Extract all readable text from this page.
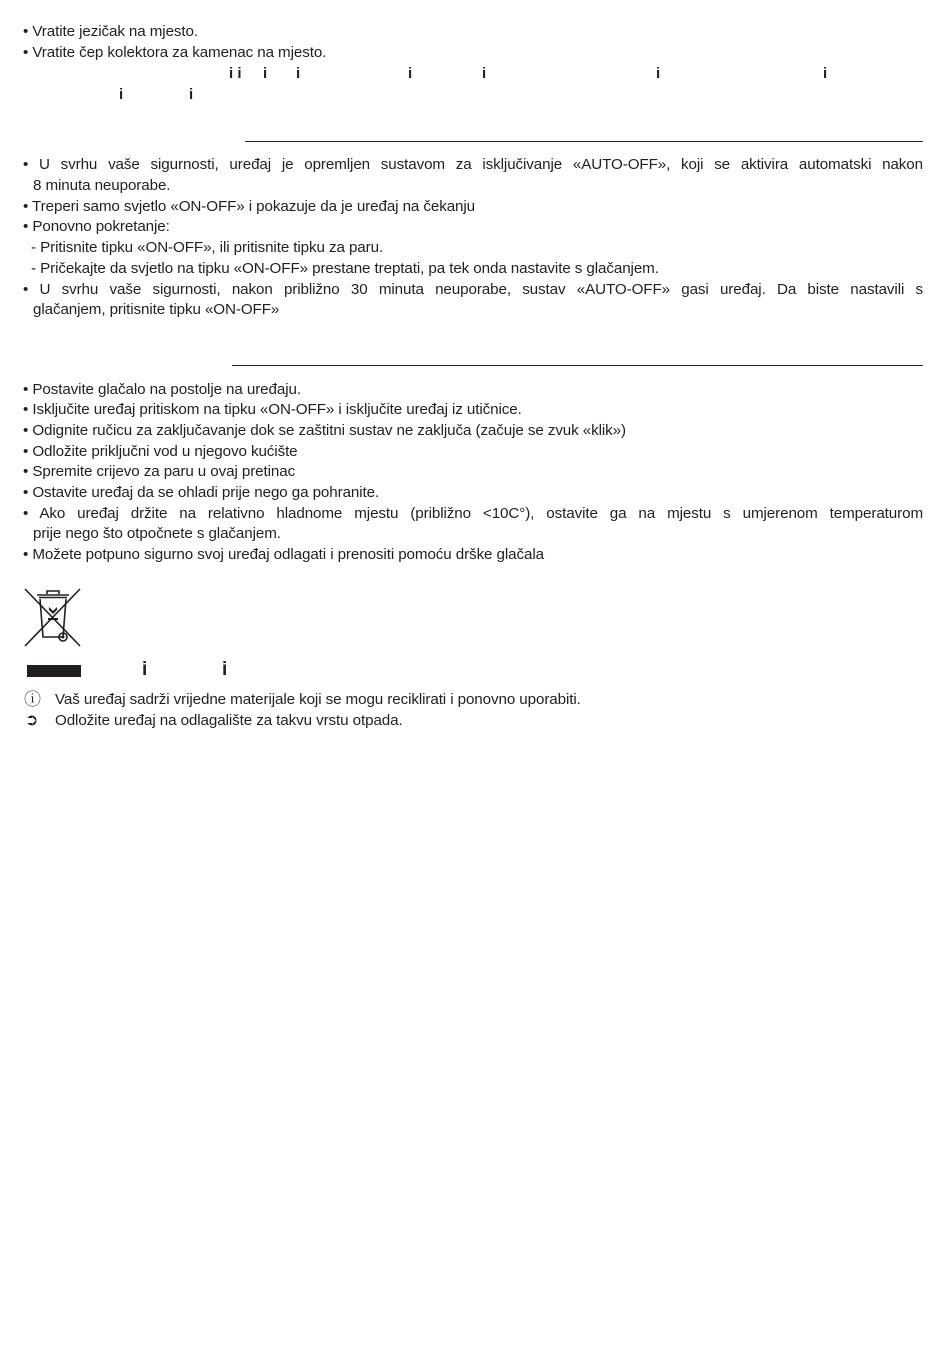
• Vratite jezičak na mjesto.
• Vratite čep kolektora za kamenac na mjesto.
i i i i	i	i	i	i
i	i
• U svrhu vaše sigurnosti, uređaj je opremljen sustavom za isključivanje «AUTO-OFF», koji se aktivira automatski nakon
8 minuta neuporabe.
• Treperi samo svjetlo «ON-OFF» i pokazuje da je uređaj na čekanju
• Ponovno pokretanje:
- Pritisnite tipku «ON-OFF», ili pritisnite tipku za paru.
- Pričekajte da svjetlo na tipku «ON-OFF» prestane treptati, pa tek onda nastavite s glačanjem.
• U svrhu vaše sigurnosti, nakon približno 30 minuta neuporabe, sustav «AUTO-OFF» gasi uređaj. Da biste nastavili s
glačanjem, pritisnite tipku «ON-OFF»
• Postavite glačalo na postolje na uređaju.
• Isključite uređaj pritiskom na tipku «ON-OFF» i isključite uređaj iz utičnice.
• Odignite ručicu za zaključavanje dok se zaštitni sustav ne zaključa (začuje se zvuk «klik»)
• Odložite priključni vod u njegovo kućište
• Spremite crijevo za paru u ovaj pretinac
• Ostavite uređaj da se ohladi prije nego ga pohranite.
• Ako uređaj držite na relativno hladnome mjestu (približno <10C°), ostavite ga na mjestu s umjerenom temperaturom
prije nego što otpočnete s glačanjem.
• Možete potpuno sigurno svoj uređaj odlagati i prenositi pomoću drške glačala
i	i
ⓘ Vaš uređaj sadrži vrijedne materijale koji se mogu reciklirati i ponovno uporabiti.
➲ Odložite uređaj na odlagalište za takvu vrstu otpada.
